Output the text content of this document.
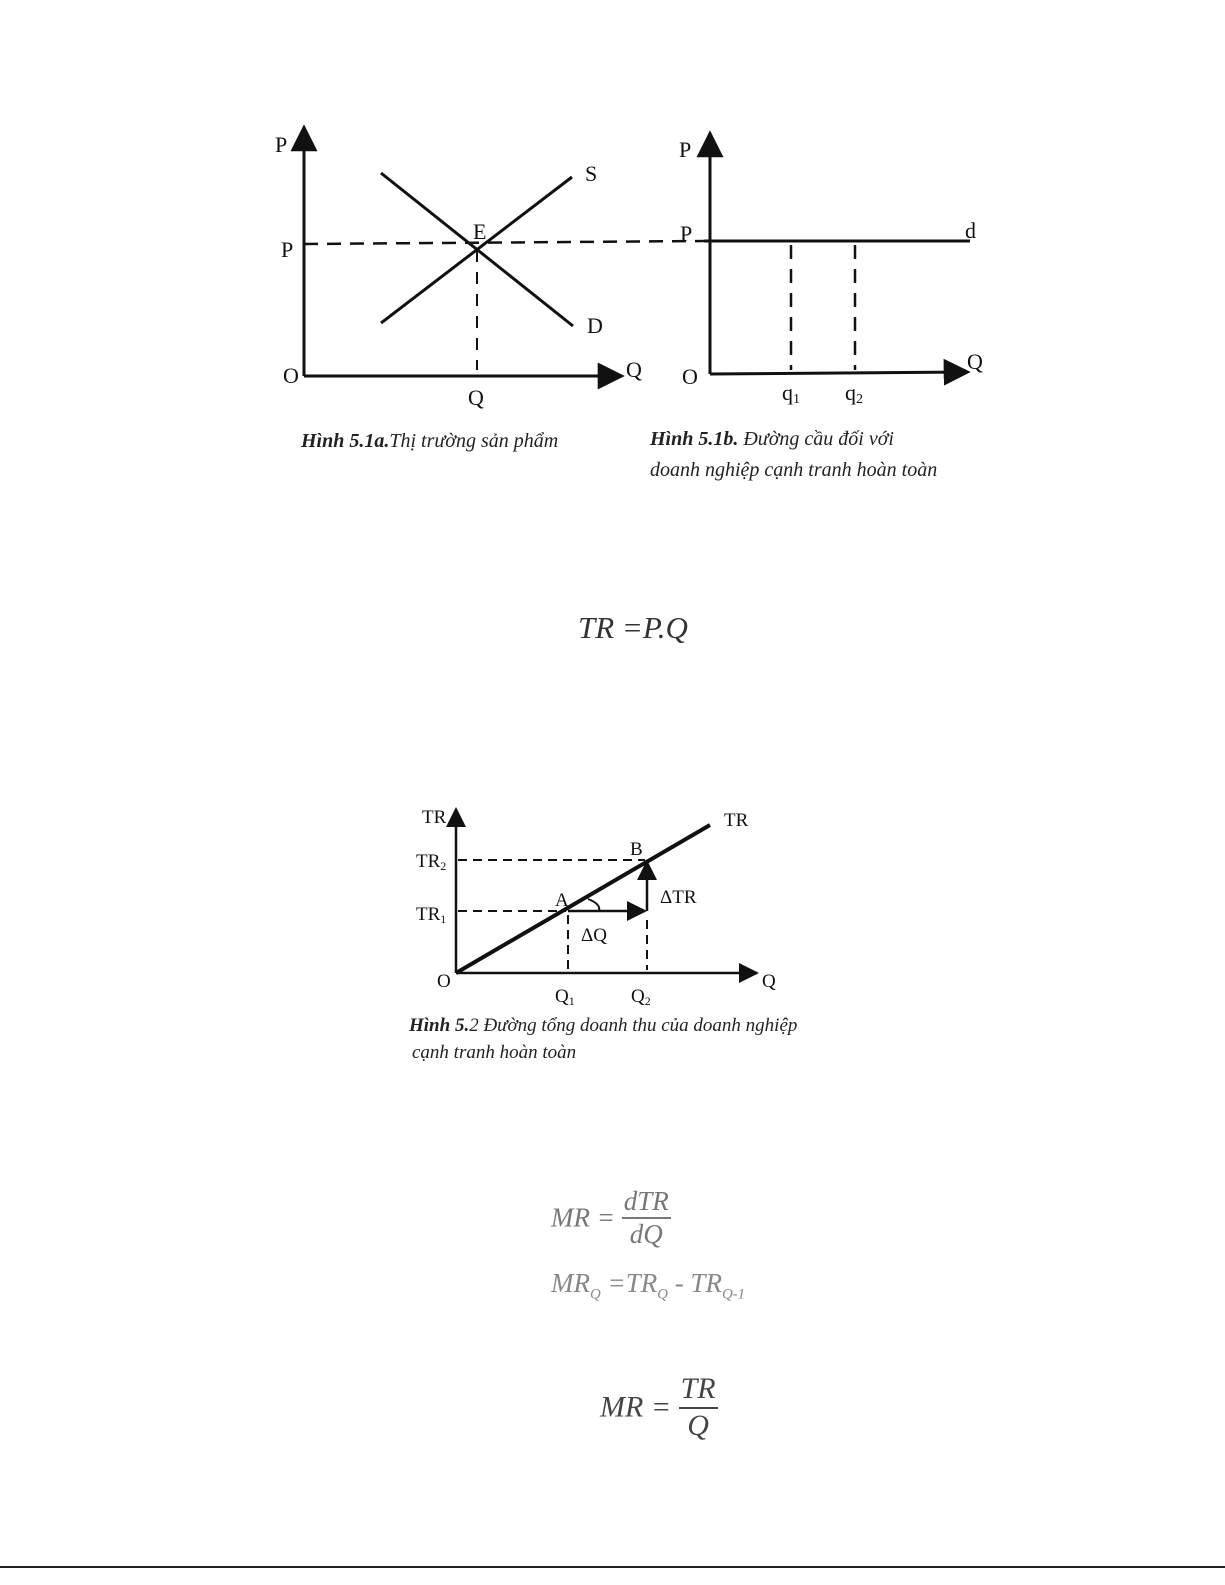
P
P
O
E
S
D
Q
Q
P
P	d
O
Q
q1 q2
Hình 5.1a.Thị trường sản phẩm	Hình 5.1b. Đường cầu đối với
doanh nghiệp cạnh tranh hoàn toàn
TR =P.Q
TR	TR
TR2
TR1
B
A	ΔTR
ΔQ
O	Q
Q1	Q2
Hình 5.2 Đường tổng doanh thu của doanh nghiệp
cạnh tranh hoàn toàn
MR = $\frac{\text{dTR}}{dQ}$
$MR_Q =TR_Q - TR_{Q-1}$
MR = $\frac{TR}{Q}$
